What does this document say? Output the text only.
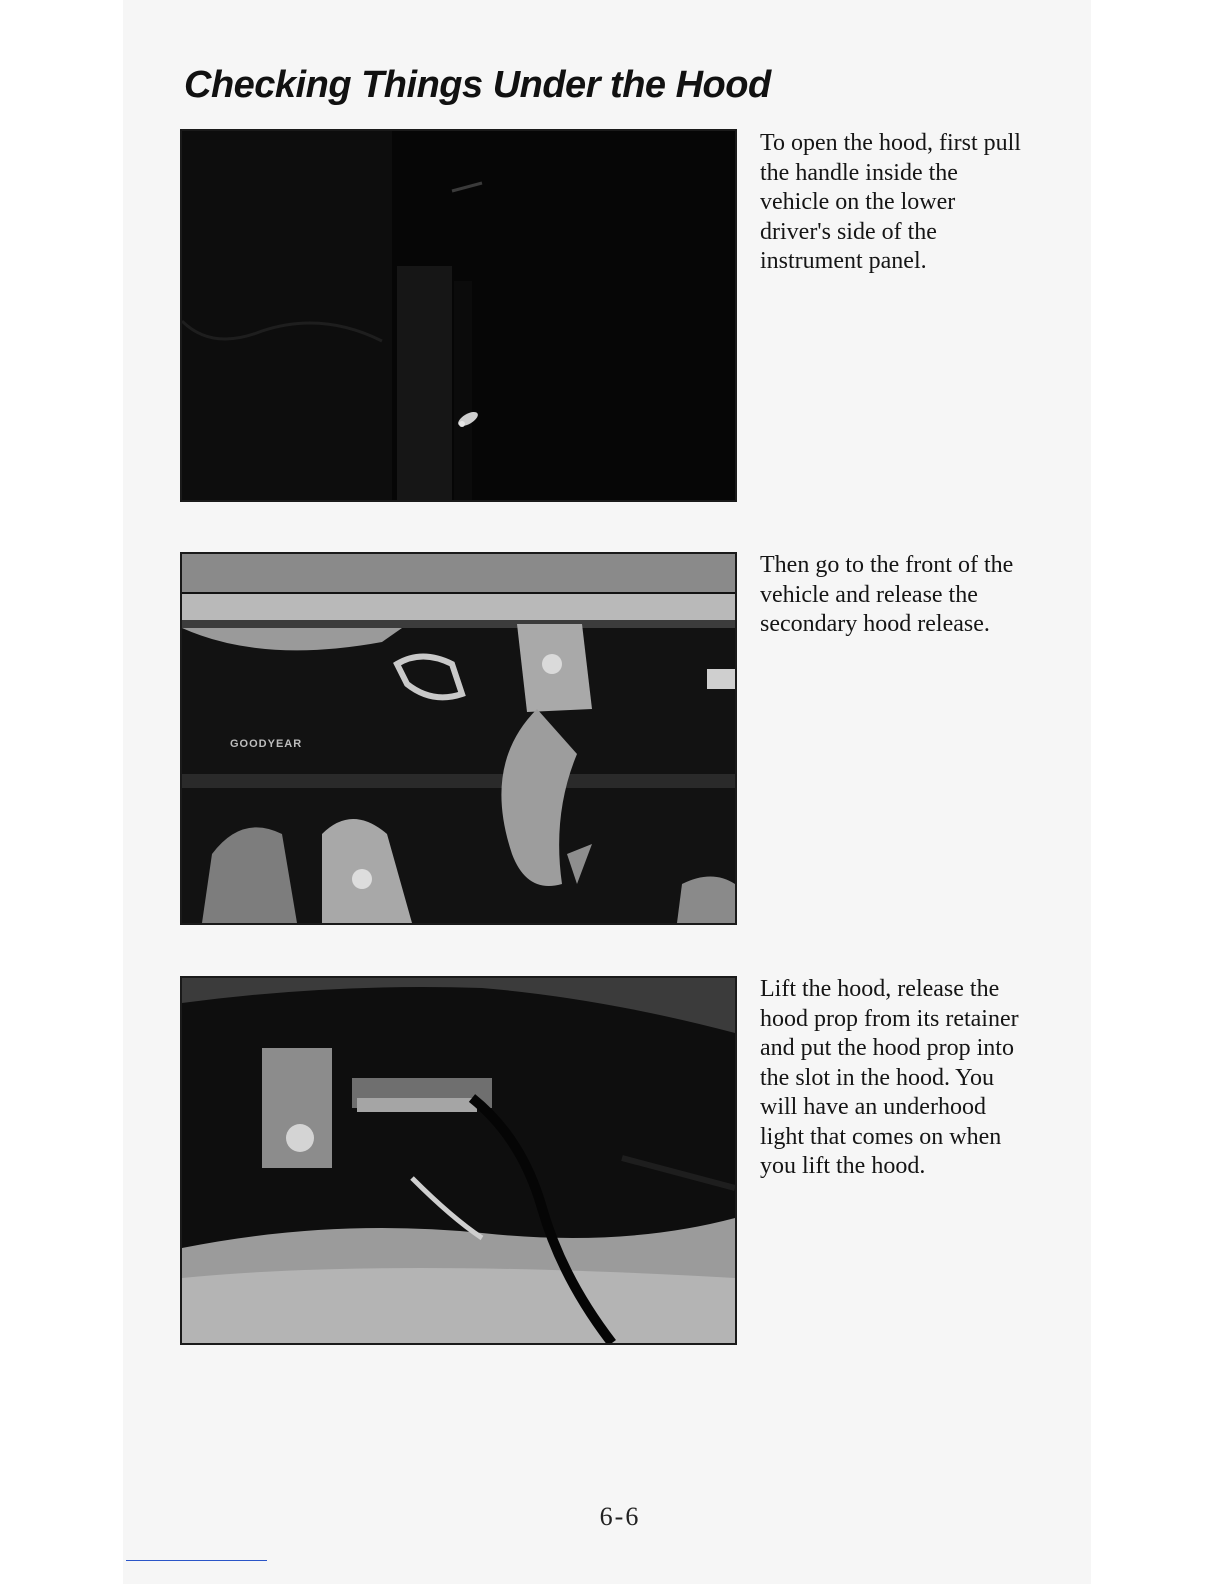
Checking Things Under the Hood

To open the hood, first pull the handle inside the vehicle on the lower driver's side of the instrument panel.

GOODYEAR

Then go to the front of the vehicle and release the secondary hood release.

Lift the hood, release the hood prop from its retainer and put the hood prop into the slot in the hood. You will have an underhood light that comes on when you lift the hood.

6-6
